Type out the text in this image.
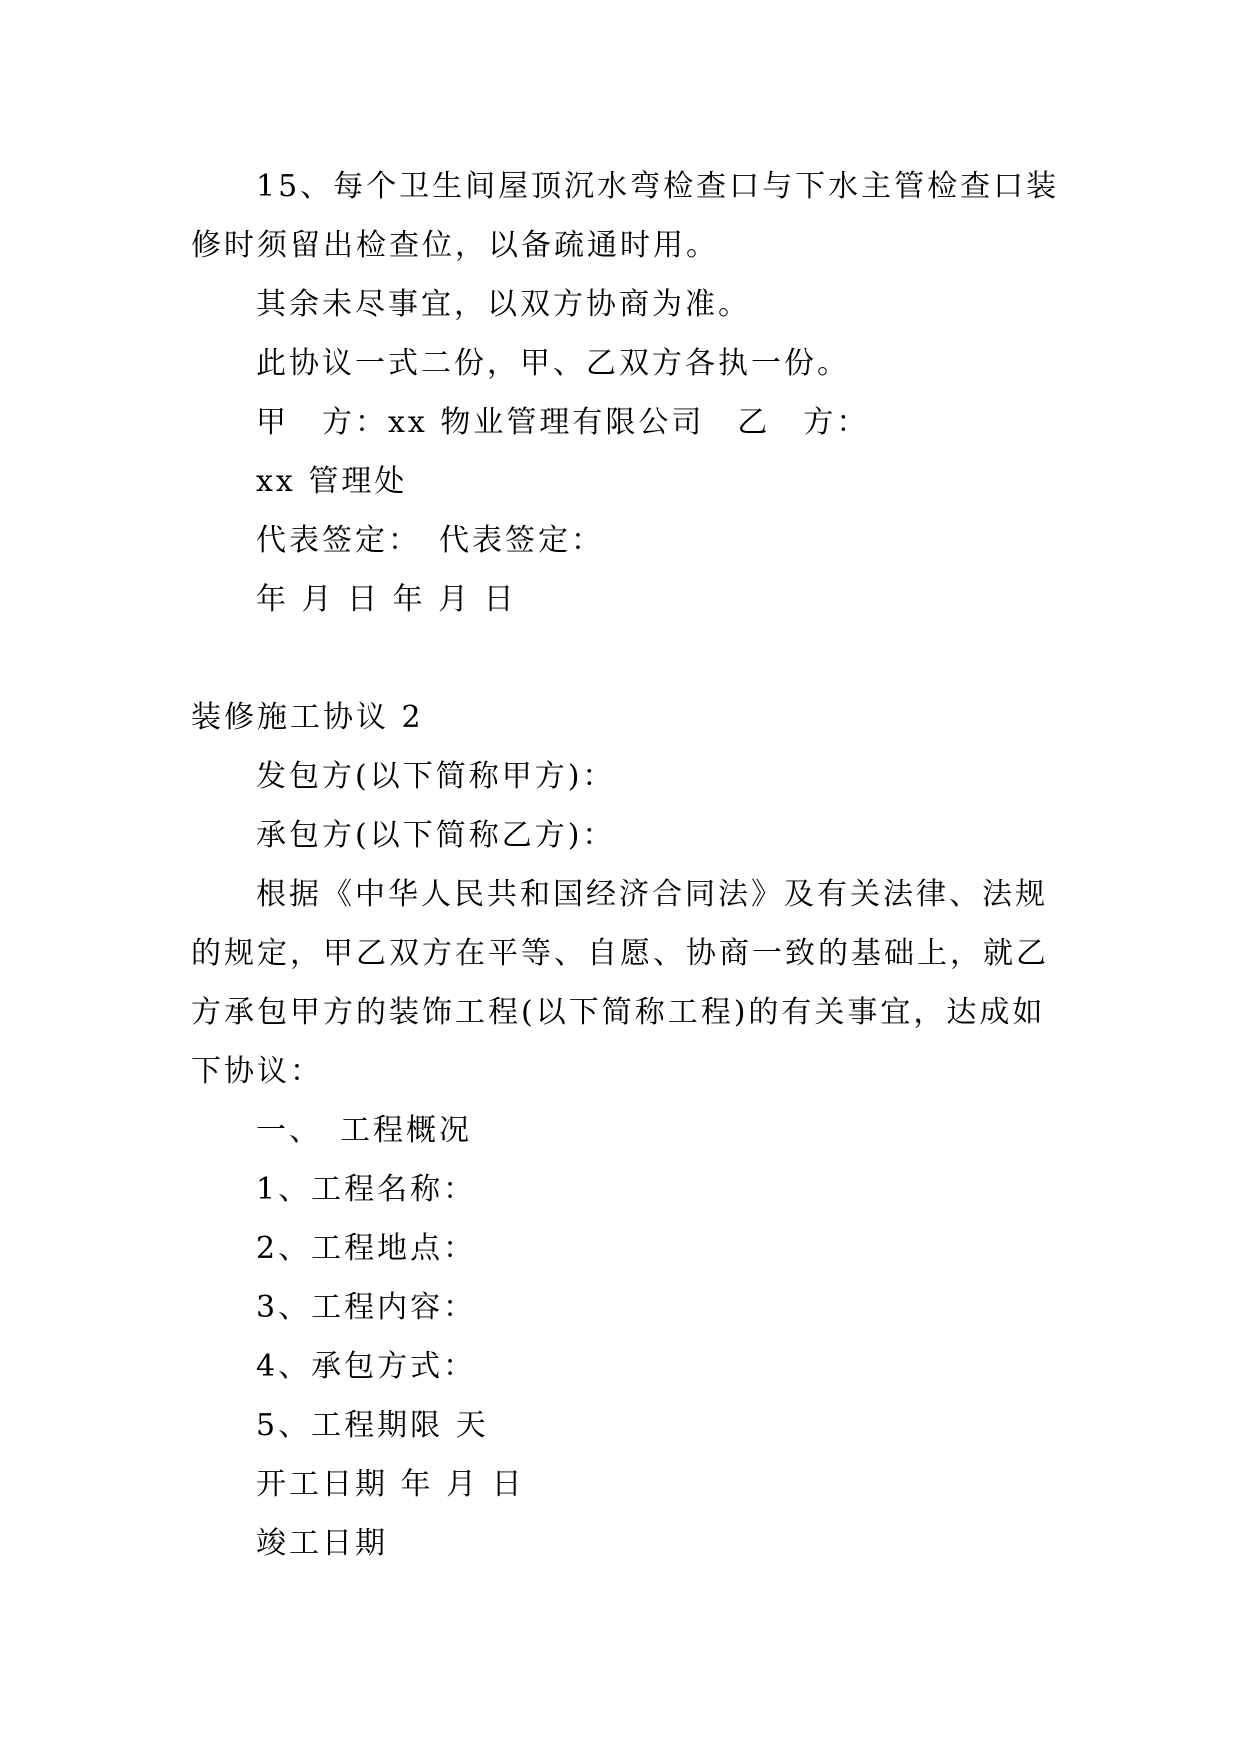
15、每个卫生间屋顶沉水弯检查口与下水主管检查口装
修时须留出检查位，以备疏通时用。
其余未尽事宜，以双方协商为准。
此协议一式二份，甲、乙双方各执一份。
甲　方：xx 物业管理有限公司　乙　方：
xx 管理处
代表签定：　代表签定：
年 月 日 年 月 日
装修施工协议 2
发包方(以下简称甲方)：
承包方(以下简称乙方)：
根据《中华人民共和国经济合同法》及有关法律、法规
的规定，甲乙双方在平等、自愿、协商一致的基础上，就乙
方承包甲方的装饰工程(以下简称工程)的有关事宜，达成如
下协议：
一、　工程概况
1、工程名称：
2、工程地点：
3、工程内容：
4、承包方式：
5、工程期限 天
开工日期 年 月 日
竣工日期
